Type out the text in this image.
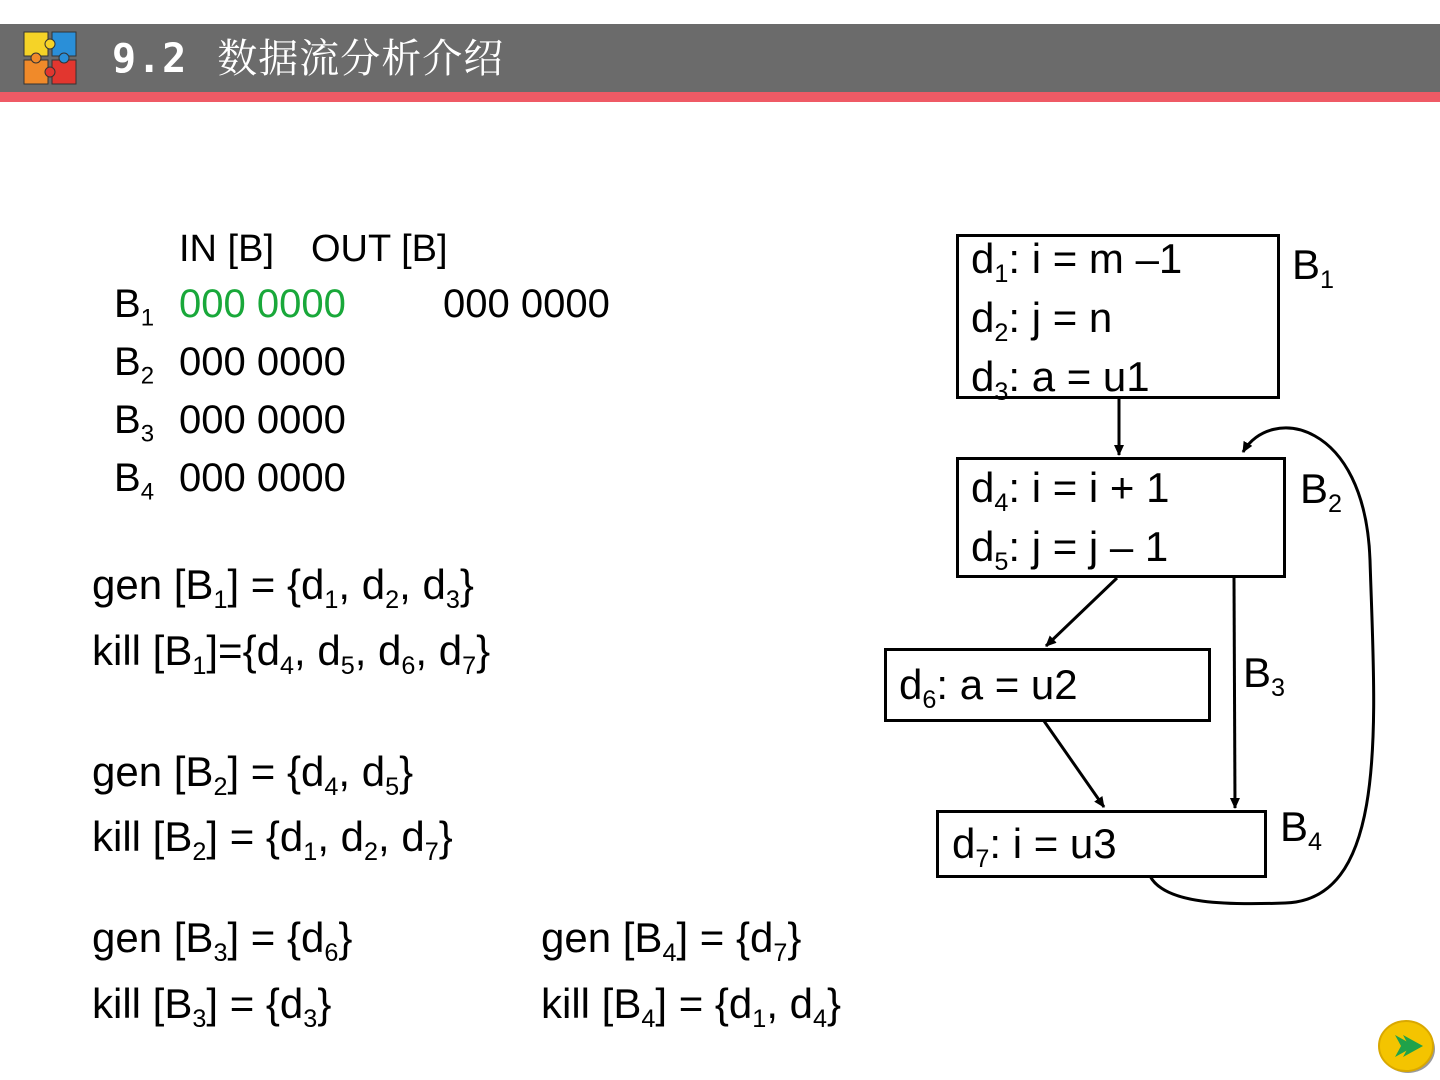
9.2 数据流分析介绍
IN [B] OUT [B]
$B_1$ 000 0000 000 0000
$B_2$ 000 0000
$B_3$ 000 0000
$B_4$ 000 0000
gen $[B_1] = \{d_1$, $d_2$, $d_3$}
kill $[B_1]=\{d_4$, $d_5$, $d_6$, $d_7$}
gen $[B_2] = \{d_4$, $d_5$}
kill $[B_2] = \{d_1$, $d_2$, $d_7$}
gen $[B_3] = \{d_6\}$
kill $[B_3] = \{d_3\}$
gen $[B_4] = \{d_7\}$
kill $[B_4] = \{d_1$, $d_4$}
$d_1$: i = m –1
$d_2$: j = n
$d_3$: a = u1
$B_1$
$d_4$: i = i + 1
$d_5$: j = j – 1
$B_2$
$d_6$: a = u2	$B_3$
$d_7$: i = u3	$B_4$
